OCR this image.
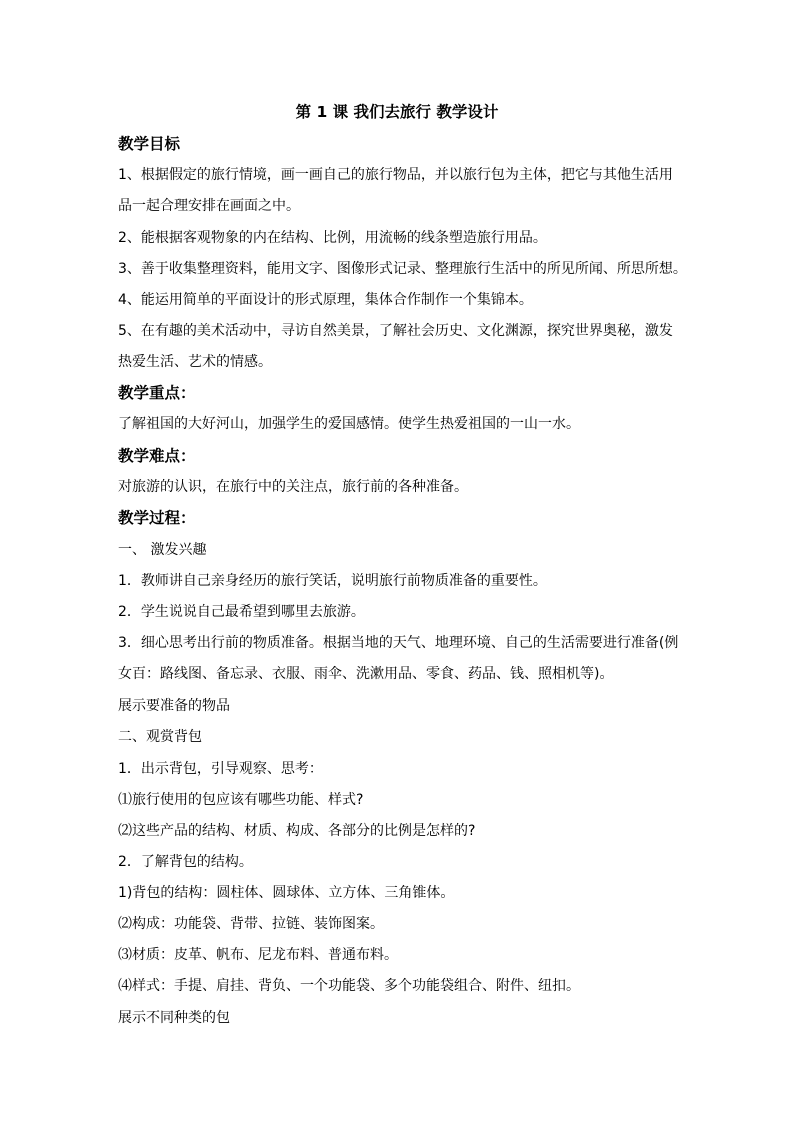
第 1 课 我们去旅行 教学设计
教学目标
1、根据假定的旅行情境，画一画自己的旅行物品，并以旅行包为主体，把它与其他生活用
品一起合理安排在画面之中。
2、能根据客观物象的内在结构、比例，用流畅的线条塑造旅行用品。
3、善于收集整理资料，能用文字、图像形式记录、整理旅行生活中的所见所闻、所思所想。
4、能运用简单的平面设计的形式原理，集体合作制作一个集锦本。
5、在有趣的美术活动中，寻访自然美景，了解社会历史、文化渊源，探究世界奥秘，激发
热爱生活、艺术的情感。
教学重点：
了解祖国的大好河山，加强学生的爱国感情。使学生热爱祖国的一山一水。
教学难点：
对旅游的认识，在旅行中的关注点，旅行前的各种准备。
教学过程：
一、 激发兴趣
1．教师讲自己亲身经历的旅行笑话，说明旅行前物质准备的重要性。
2．学生说说自己最希望到哪里去旅游。
3．细心思考出行前的物质准备。根据当地的天气、地理环境、自己的生活需要进行准备(例
女百：路线图、备忘录、衣服、雨伞、洗漱用品、零食、药品、钱、照相机等)。
展示要准备的物品
二、观赏背包
1．出示背包，引导观察、思考：
⑴旅行使用的包应该有哪些功能、样式?
⑵这些产品的结构、材质、构成、各部分的比例是怎样的?
2．了解背包的结构。
1)背包的结构：圆柱体、圆球体、立方体、三角锥体。
⑵构成：功能袋、背带、拉链、装饰图案。
⑶材质：皮革、帆布、尼龙布料、普通布料。
⑷样式：手提、肩挂、背负、一个功能袋、多个功能袋组合、附件、纽扣。
展示不同种类的包
